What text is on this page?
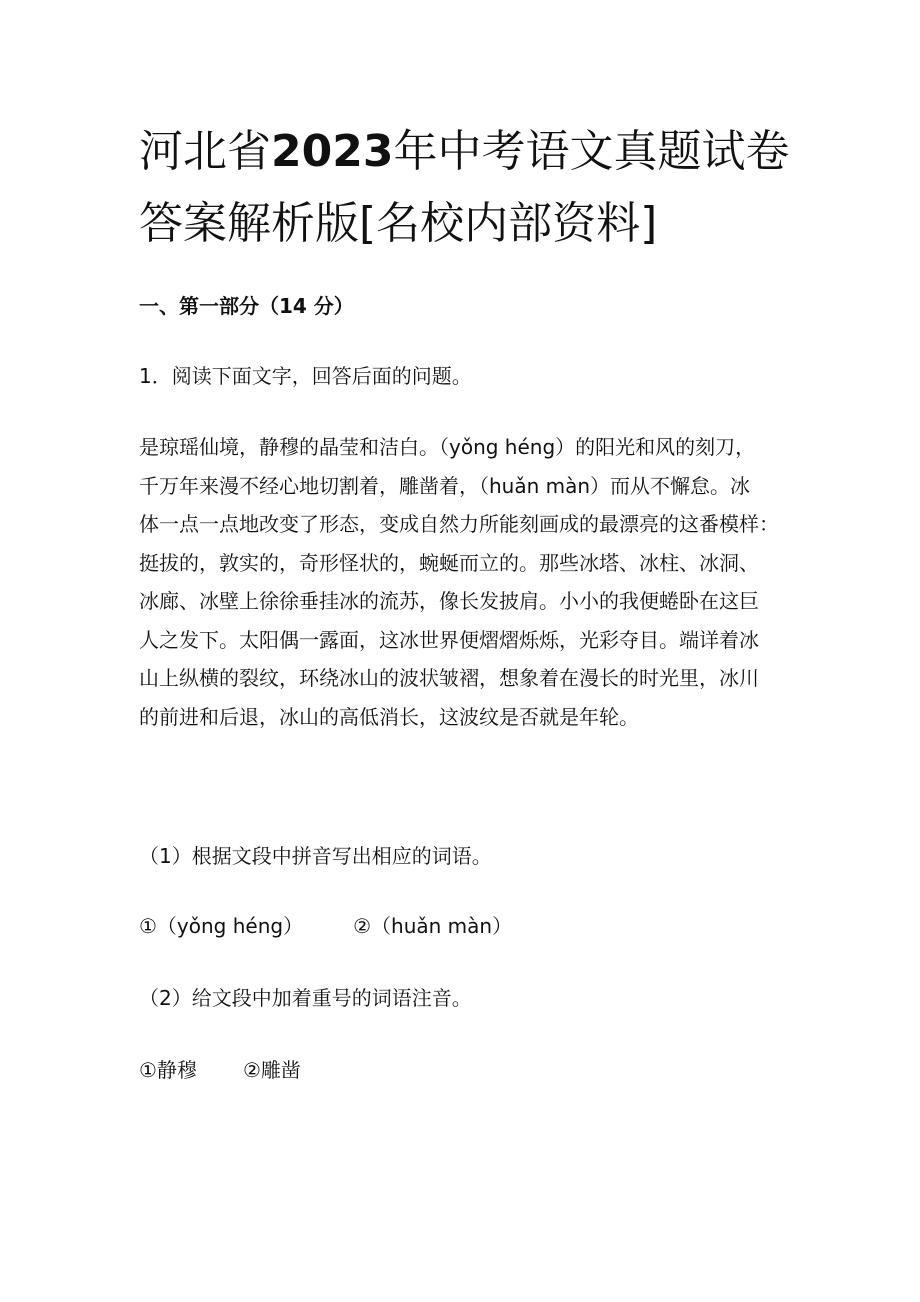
河北省2023年中考语文真题试卷
答案解析版[名校内部资料]

一、第一部分（14 分）

1．阅读下面文字，回答后面的问题。

是琼瑶仙境，静穆的晶莹和洁白。（yǒng héng）的阳光和风的刻刀，
千万年来漫不经心地切割着，雕凿着，（huǎn màn）而从不懈怠。冰
体一点一点地改变了形态，变成自然力所能刻画成的最漂亮的这番模样：
挺拔的，敦实的，奇形怪状的，蜿蜒而立的。那些冰塔、冰柱、冰洞、
冰廊、冰壁上徐徐垂挂冰的流苏，像长发披肩。小小的我便蜷卧在这巨
人之发下。太阳偶一露面，这冰世界便熠熠烁烁，光彩夺目。端详着冰
山上纵横的裂纹，环绕冰山的波状皱褶，想象着在漫长的时光里，冰川
的前进和后退，冰山的高低消长，这波纹是否就是年轮。

（1）根据文段中拼音写出相应的词语。

①（yǒng héng）	②（huǎn màn）

（2）给文段中加着重号的词语注音。

①静穆 ②雕凿
